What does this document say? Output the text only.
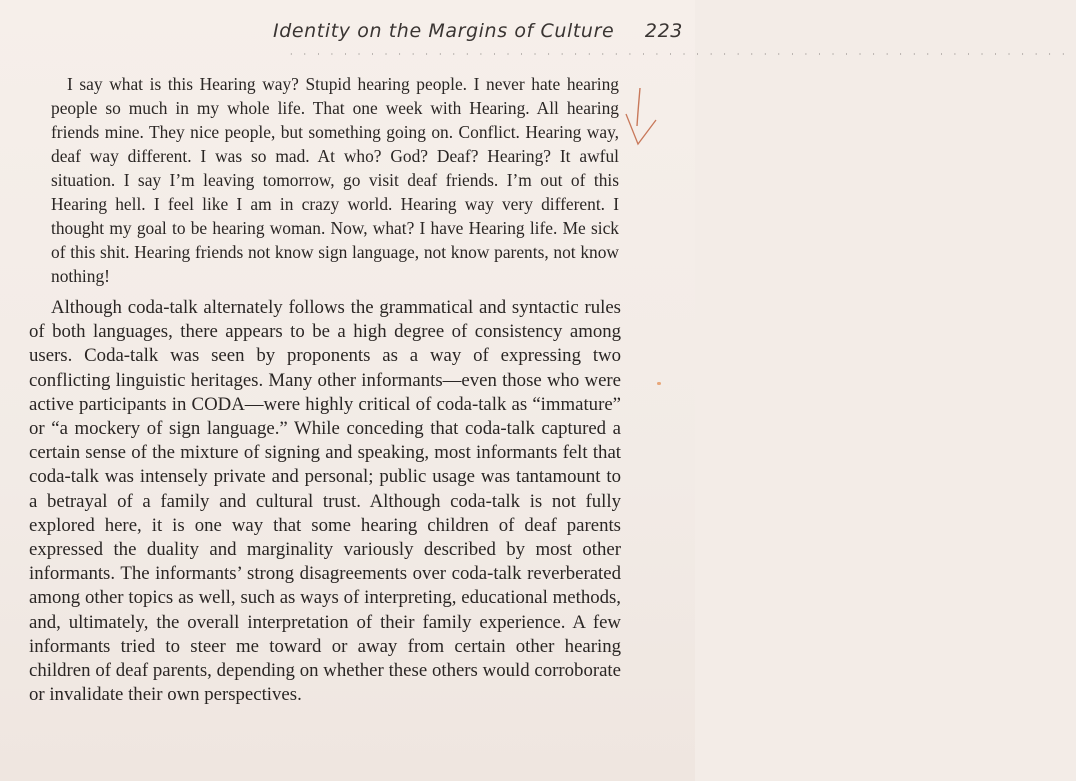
Identity on the Margins of Culture 223
··························································

I say what is this Hearing way? Stupid hearing people. I never hate hearing people so much in my whole life. That one week with Hearing. All hearing friends mine. They nice people, but something going on. Conflict. Hearing way, deaf way different. I was so mad. At who? God? Deaf? Hearing? It awful situation. I say I’m leaving tomorrow, go visit deaf friends. I’m out of this Hearing hell. I feel like I am in crazy world. Hearing way very different. I thought my goal to be hearing woman. Now, what? I have Hearing life. Me sick of this shit. Hearing friends not know sign language, not know parents, not know nothing!

Although coda-talk alternately follows the grammatical and syntactic rules of both languages, there appears to be a high degree of consistency among users. Coda-talk was seen by proponents as a way of expressing two conflicting linguistic heritages. Many other informants—even those who were active participants in CODA—were highly critical of coda-talk as “immature” or “a mockery of sign language.” While conceding that coda-talk captured a certain sense of the mixture of signing and speaking, most informants felt that coda-talk was intensely private and personal; public usage was tantamount to a betrayal of a family and cultural trust. Although coda-talk is not fully explored here, it is one way that some hearing children of deaf parents expressed the duality and marginality variously described by most other informants. The informants’ strong disagreements over coda-talk reverberated among other topics as well, such as ways of interpreting, educational methods, and, ultimately, the overall interpretation of their family experience. A few informants tried to steer me toward or away from certain other hearing children of deaf parents, depending on whether these others would corroborate or invalidate their own perspectives.
